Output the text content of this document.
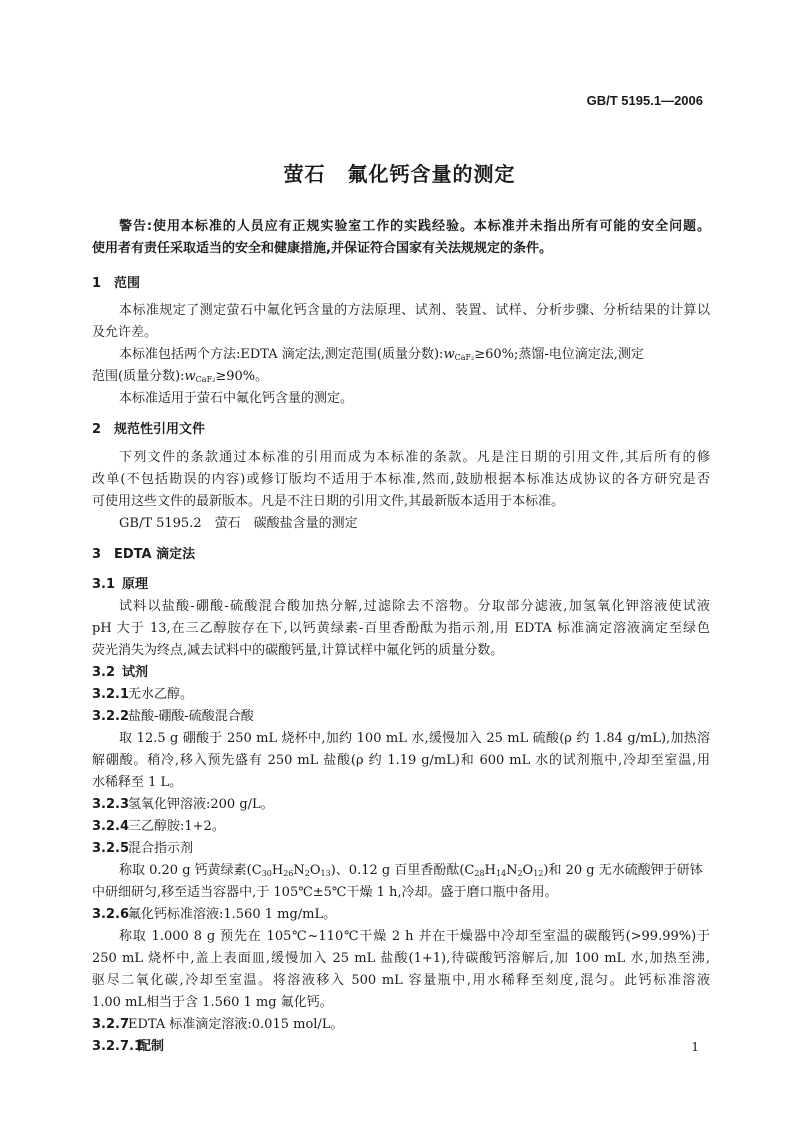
GB/T 5195.1—2006
萤石 氟化钙含量的测定
警告:使用本标准的人员应有正规实验室工作的实践经验。本标准并未指出所有可能的安全问题。
使用者有责任采取适当的安全和健康措施,并保证符合国家有关法规规定的条件。
1 范围
本标准规定了测定萤石中氟化钙含量的方法原理、试剂、装置、试样、分析步骤、分析结果的计算以
及允许差。
本标准包括两个方法:EDTA 滴定法,测定范围(质量分数)$:w_{CaF_2}\ge 60\%$;蒸馏-电位滴定法,测定
范围(质量分数)$:w_{CaF_2}\ge 90\%$。
本标准适用于萤石中氟化钙含量的测定。
2 规范性引用文件
下列文件的条款通过本标准的引用而成为本标准的条款。凡是注日期的引用文件,其后所有的修
改单(不包括勘误的内容)或修订版均不适用于本标准,然而,鼓励根据本标准达成协议的各方研究是否
可使用这些文件的最新版本。凡是不注日期的引用文件,其最新版本适用于本标准。
GB/T 5195.2　萤石　碳酸盐含量的测定
3 EDTA 滴定法
3.1 原理
试料以盐酸-硼酸-硫酸混合酸加热分解,过滤除去不溶物。分取部分滤液,加氢氧化钾溶液使试液
pH 大于 13,在三乙醇胺存在下,以钙黄绿素-百里香酚酞为指示剂,用 EDTA 标准滴定溶液滴定至绿色
荧光消失为终点,减去试料中的碳酸钙量,计算试样中氟化钙的质量分数。
3.2 试剂
3.2.1无水乙醇。
3.2.2盐酸-硼酸-硫酸混合酸
取 12.5 g 硼酸于 250 mL 烧杯中,加约 100 mL 水,缓慢加入 25 mL 硫酸(ρ 约 1.84 g/mL),加热溶
解硼酸。稍冷,移入预先盛有 250 mL 盐酸(ρ 约 1.19 g/mL)和 600 mL 水的试剂瓶中,冷却至室温,用
水稀释至 1 L。
3.2.3氢氧化钾溶液:200 g/L。
3.2.4三乙醇胺:1+2。
3.2.5混合指示剂
称取 0.20 g 钙黄绿素$(C_{30}H_{26}N_2O_{13})$、0.12 g 百里香酚酞$(C_{28}H_{14}N_2O_{12})$和 20 g 无水硫酸钾于研钵
中研细研匀,移至适当容器中,于 105℃±5℃干燥 1 h,冷却。盛于磨口瓶中备用。
3.2.6氟化钙标准溶液:1.560 1 mg/mL。
称取 1.000 8 g 预先在 105℃~110℃干燥 2 h 并在干燥器中冷却至室温的碳酸钙(>99.99%)于
250 mL 烧杯中,盖上表面皿,缓慢加入 25 mL 盐酸(1+1),待碳酸钙溶解后,加 100 mL 水,加热至沸,
驱尽二氧化碳,冷却至室温。将溶液移入 500 mL 容量瓶中,用水稀释至刻度,混匀。此钙标准溶液
1.00 mL相当于含 1.560 1 mg 氟化钙。
3.2.7EDTA 标准滴定溶液:0.015 mol/L。
3.2.7.1配制	1
